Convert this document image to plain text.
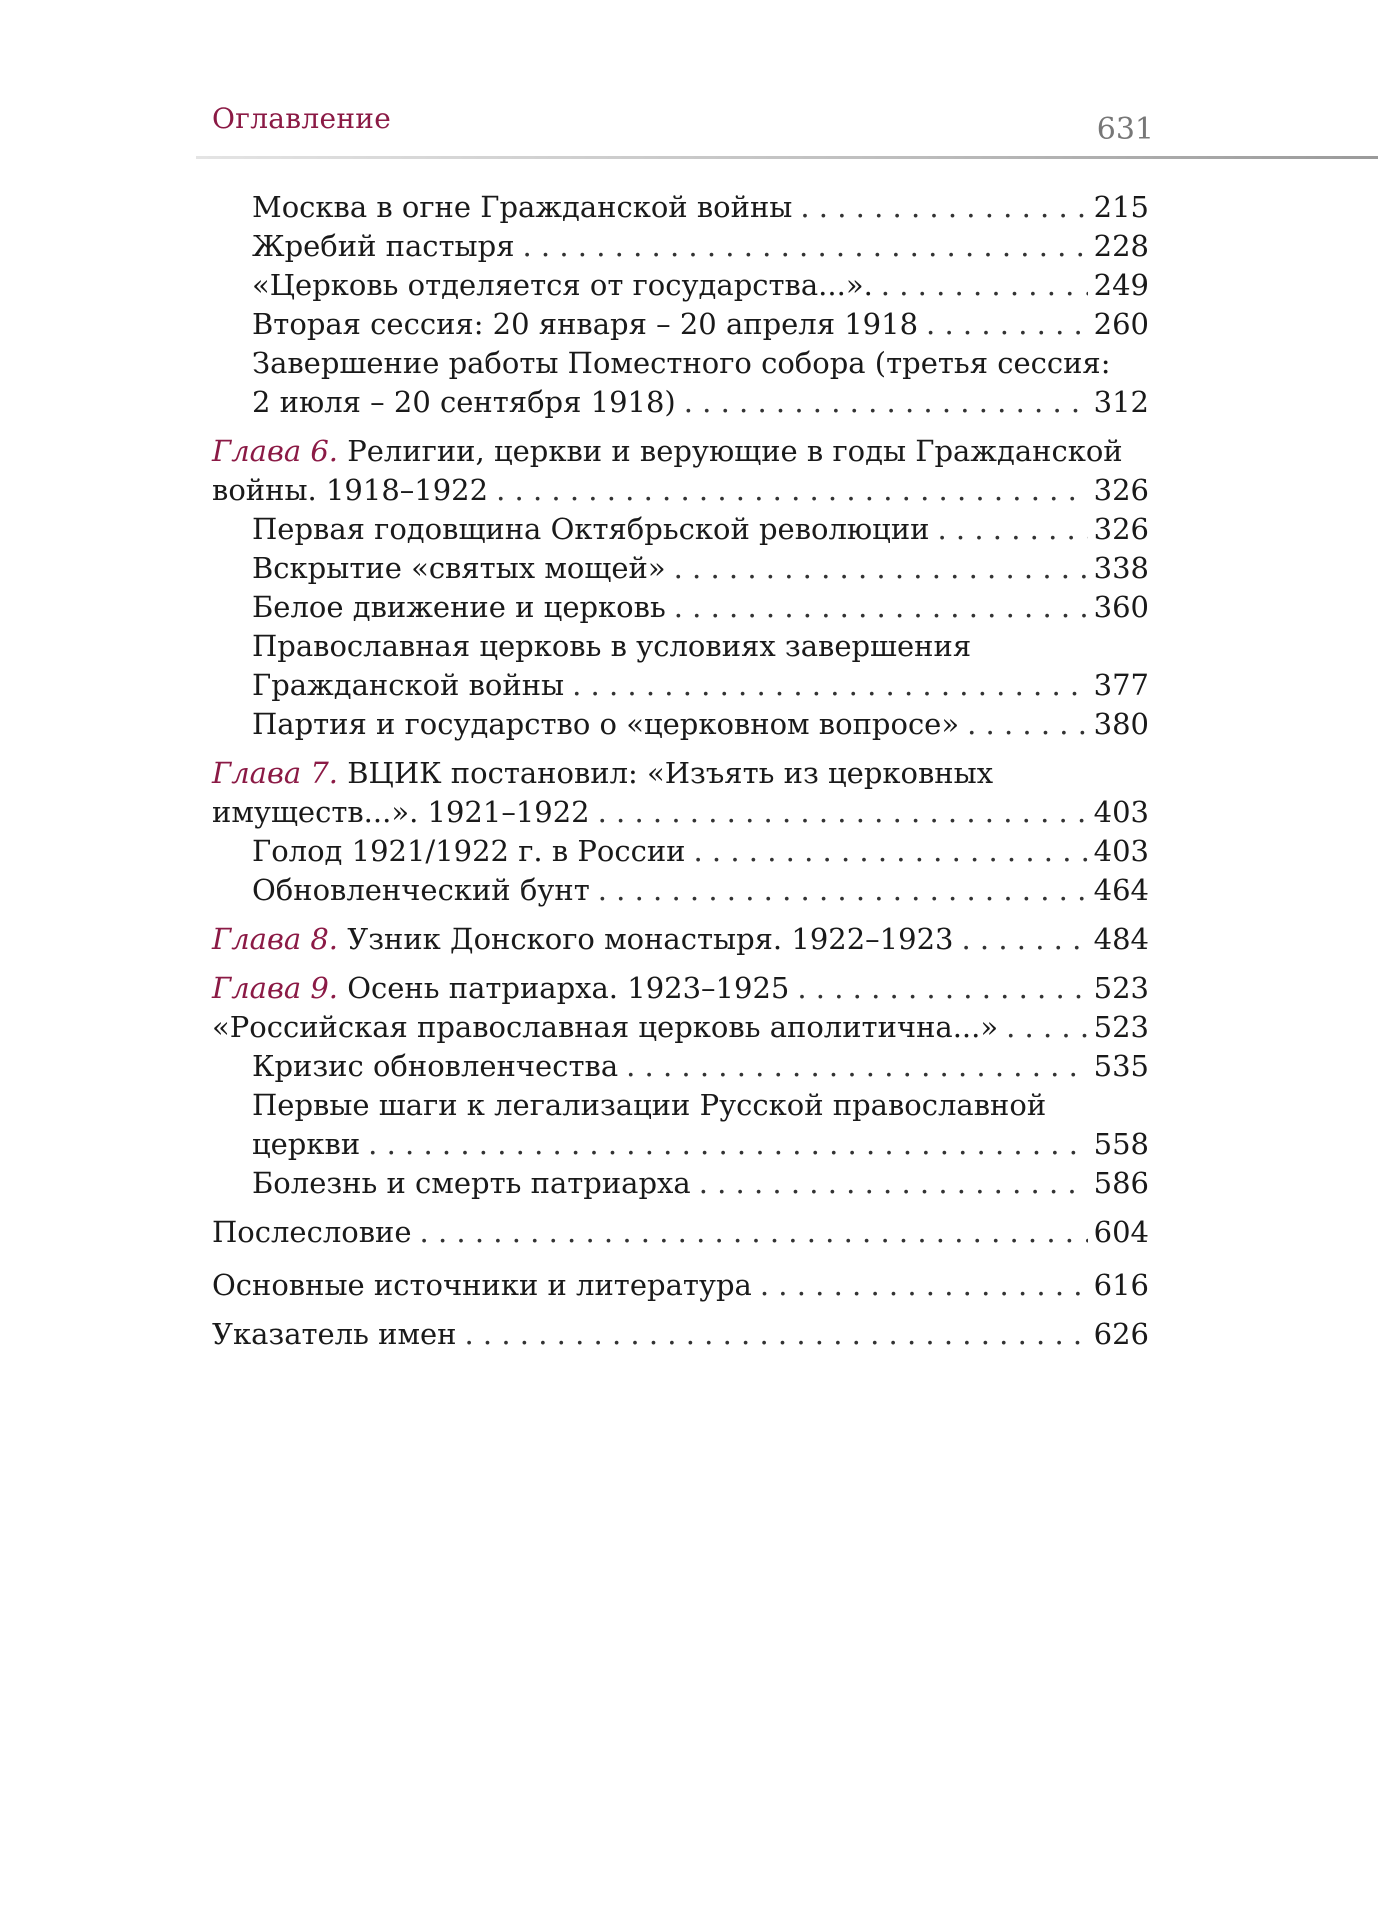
Оглавление	631
Москва в огне Гражданской войны . . .	215
Жребий пастыря . . .	228
«Церковь отделяется от государства...». . . .	249
Вторая сессия: 20 января – 20 апреля 1918 . . .	260
Завершение работы Поместного собора (третья сессия:
2 июля – 20 сентября 1918) . . .	312
Глава 6. Религии, церкви и верующие в годы Гражданской
войны. 1918–1922 . . .	326
Первая годовщина Октябрьской революции . . .	326
Вскрытие «святых мощей» . . .	338
Белое движение и церковь . . .	360
Православная церковь в условиях завершения
Гражданской войны . . .	377
Партия и государство о «церковном вопросе» . . .	380
Глава 7. ВЦИК постановил: «Изъять из церковных
имуществ...». 1921–1922 . . .	403
Голод 1921/1922 г. в России . . .	403
Обновленческий бунт . . .	464
Глава 8. Узник Донского монастыря. 1922–1923 . . .	484
Глава 9. Осень патриарха. 1923–1925 . . .	523
«Российская православная церковь аполитична...» . . .	523
Кризис обновленчества . . .	535
Первые шаги к легализации Русской православной
церкви . . .	558
Болезнь и смерть патриарха . . .	586
Послесловие . . .	604
Основные источники и литература . . .	616
Указатель имен . . .	626
